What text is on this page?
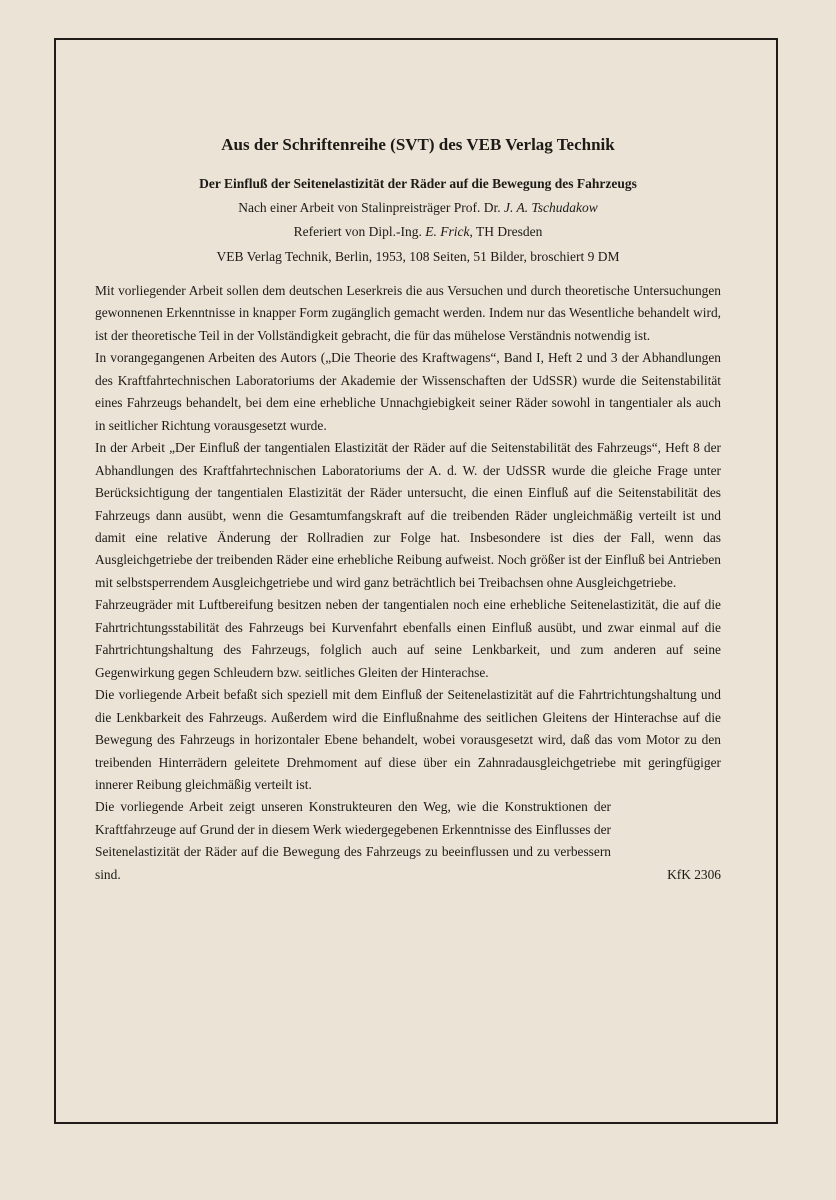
Aus der Schriftenreihe (SVT) des VEB Verlag Technik
Der Einfluß der Seitenelastizität der Räder auf die Bewegung des Fahrzeugs
Nach einer Arbeit von Stalinpreisträger Prof. Dr. J. A. Tschudakow
Referiert von Dipl.-Ing. E. Frick, TH Dresden
VEB Verlag Technik, Berlin, 1953, 108 Seiten, 51 Bilder, broschiert 9 DM

Mit vorliegender Arbeit sollen dem deutschen Leserkreis die aus Versuchen und durch theoretische Untersuchungen gewonnenen Erkenntnisse in knapper Form zugänglich gemacht werden. Indem nur das Wesentliche behandelt wird, ist der theoretische Teil in der Vollständigkeit gebracht, die für das mühelose Verständnis notwendig ist.

In vorangegangenen Arbeiten des Autors („Die Theorie des Kraftwagens“, Band I, Heft 2 und 3 der Abhandlungen des Kraftfahrtechnischen Laboratoriums der Akademie der Wissenschaften der UdSSR) wurde die Seitenstabilität eines Fahrzeugs behandelt, bei dem eine erhebliche Unnachgiebigkeit seiner Räder sowohl in tangentialer als auch in seitlicher Richtung vorausgesetzt wurde.

In der Arbeit „Der Einfluß der tangentialen Elastizität der Räder auf die Seitenstabilität des Fahrzeugs“, Heft 8 der Abhandlungen des Kraftfahrtechnischen Laboratoriums der A. d. W. der UdSSR wurde die gleiche Frage unter Berücksichtigung der tangentialen Elastizität der Räder untersucht, die einen Einfluß auf die Seitenstabilität des Fahrzeugs dann ausübt, wenn die Gesamtumfangskraft auf die treibenden Räder ungleichmäßig verteilt ist und damit eine relative Änderung der Rollradien zur Folge hat. Insbesondere ist dies der Fall, wenn das Ausgleichgetriebe der treibenden Räder eine erhebliche Reibung aufweist. Noch größer ist der Einfluß bei Antrieben mit selbstsperrendem Ausgleichgetriebe und wird ganz beträchtlich bei Treibachsen ohne Ausgleichgetriebe.

Fahrzeugräder mit Luftbereifung besitzen neben der tangentialen noch eine erhebliche Seitenelastizität, die auf die Fahrtrichtungsstabilität des Fahrzeugs bei Kurvenfahrt ebenfalls einen Einfluß ausübt, und zwar einmal auf die Fahrtrichtungshaltung des Fahrzeugs, folglich auch auf seine Lenkbarkeit, und zum anderen auf seine Gegenwirkung gegen Schleudern bzw. seitliches Gleiten der Hinterachse.

Die vorliegende Arbeit befaßt sich speziell mit dem Einfluß der Seitenelastizität auf die Fahrtrichtungshaltung und die Lenkbarkeit des Fahrzeugs. Außerdem wird die Einflußnahme des seitlichen Gleitens der Hinterachse auf die Bewegung des Fahrzeugs in horizontaler Ebene behandelt, wobei vorausgesetzt wird, daß das vom Motor zu den treibenden Hinterrädern geleitete Drehmoment auf diese über ein Zahnradausgleichgetriebe mit geringfügiger innerer Reibung gleichmäßig verteilt ist.

Die vorliegende Arbeit zeigt unseren Konstrukteuren den Weg, wie die Konstruktionen der Kraftfahrzeuge auf Grund der in diesem Werk wiedergegebenen Erkenntnisse des Einflusses der Seitenelastizität der Räder auf die Bewegung des Fahrzeugs zu beeinflussen und zu verbessern sind.	KfK 2306
